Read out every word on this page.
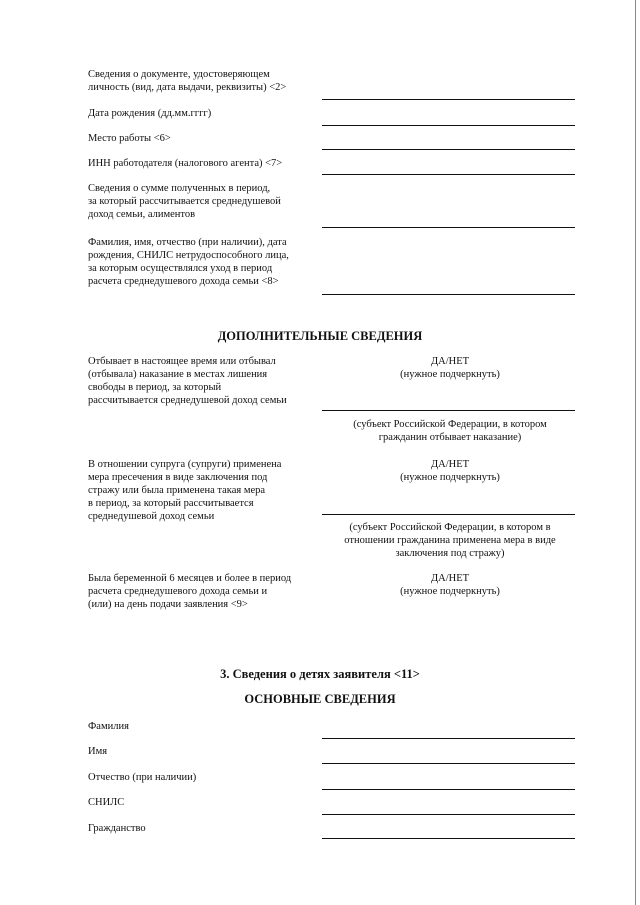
Сведения о документе, удостоверяющем
личность (вид, дата выдачи, реквизиты) <2>
Дата рождения (дд.мм.гггг)
Место работы <6>
ИНН работодателя (налогового агента) <7>
Сведения о сумме полученных в период,
за который рассчитывается среднедушевой
доход семьи, алиментов
Фамилия, имя, отчество (при наличии), дата
рождения, СНИЛС нетрудоспособного лица,
за которым осуществлялся уход в период
расчета среднедушевого дохода семьи <8>
ДОПОЛНИТЕЛЬНЫЕ СВЕДЕНИЯ
Отбывает в настоящее время или отбывал
(отбывала) наказание в местах лишения
свободы в период, за который
рассчитывается среднедушевой доход семьи
ДА/НЕТ
(нужное подчеркнуть)
(субъект Российской Федерации, в котором
гражданин отбывает наказание)
В отношении супруга (супруги) применена
мера пресечения в виде заключения под
стражу или была применена такая мера
в период, за который рассчитывается
среднедушевой доход семьи
ДА/НЕТ
(нужное подчеркнуть)
(субъект Российской Федерации, в котором в
отношении гражданина применена мера в виде
заключения под стражу)
Была беременной 6 месяцев и более в период
расчета среднедушевого дохода семьи и
(или) на день подачи заявления <9>
ДА/НЕТ
(нужное подчеркнуть)
3. Сведения о детях заявителя <11>
ОСНОВНЫЕ СВЕДЕНИЯ
Фамилия
Имя
Отчество (при наличии)
СНИЛС
Гражданство
